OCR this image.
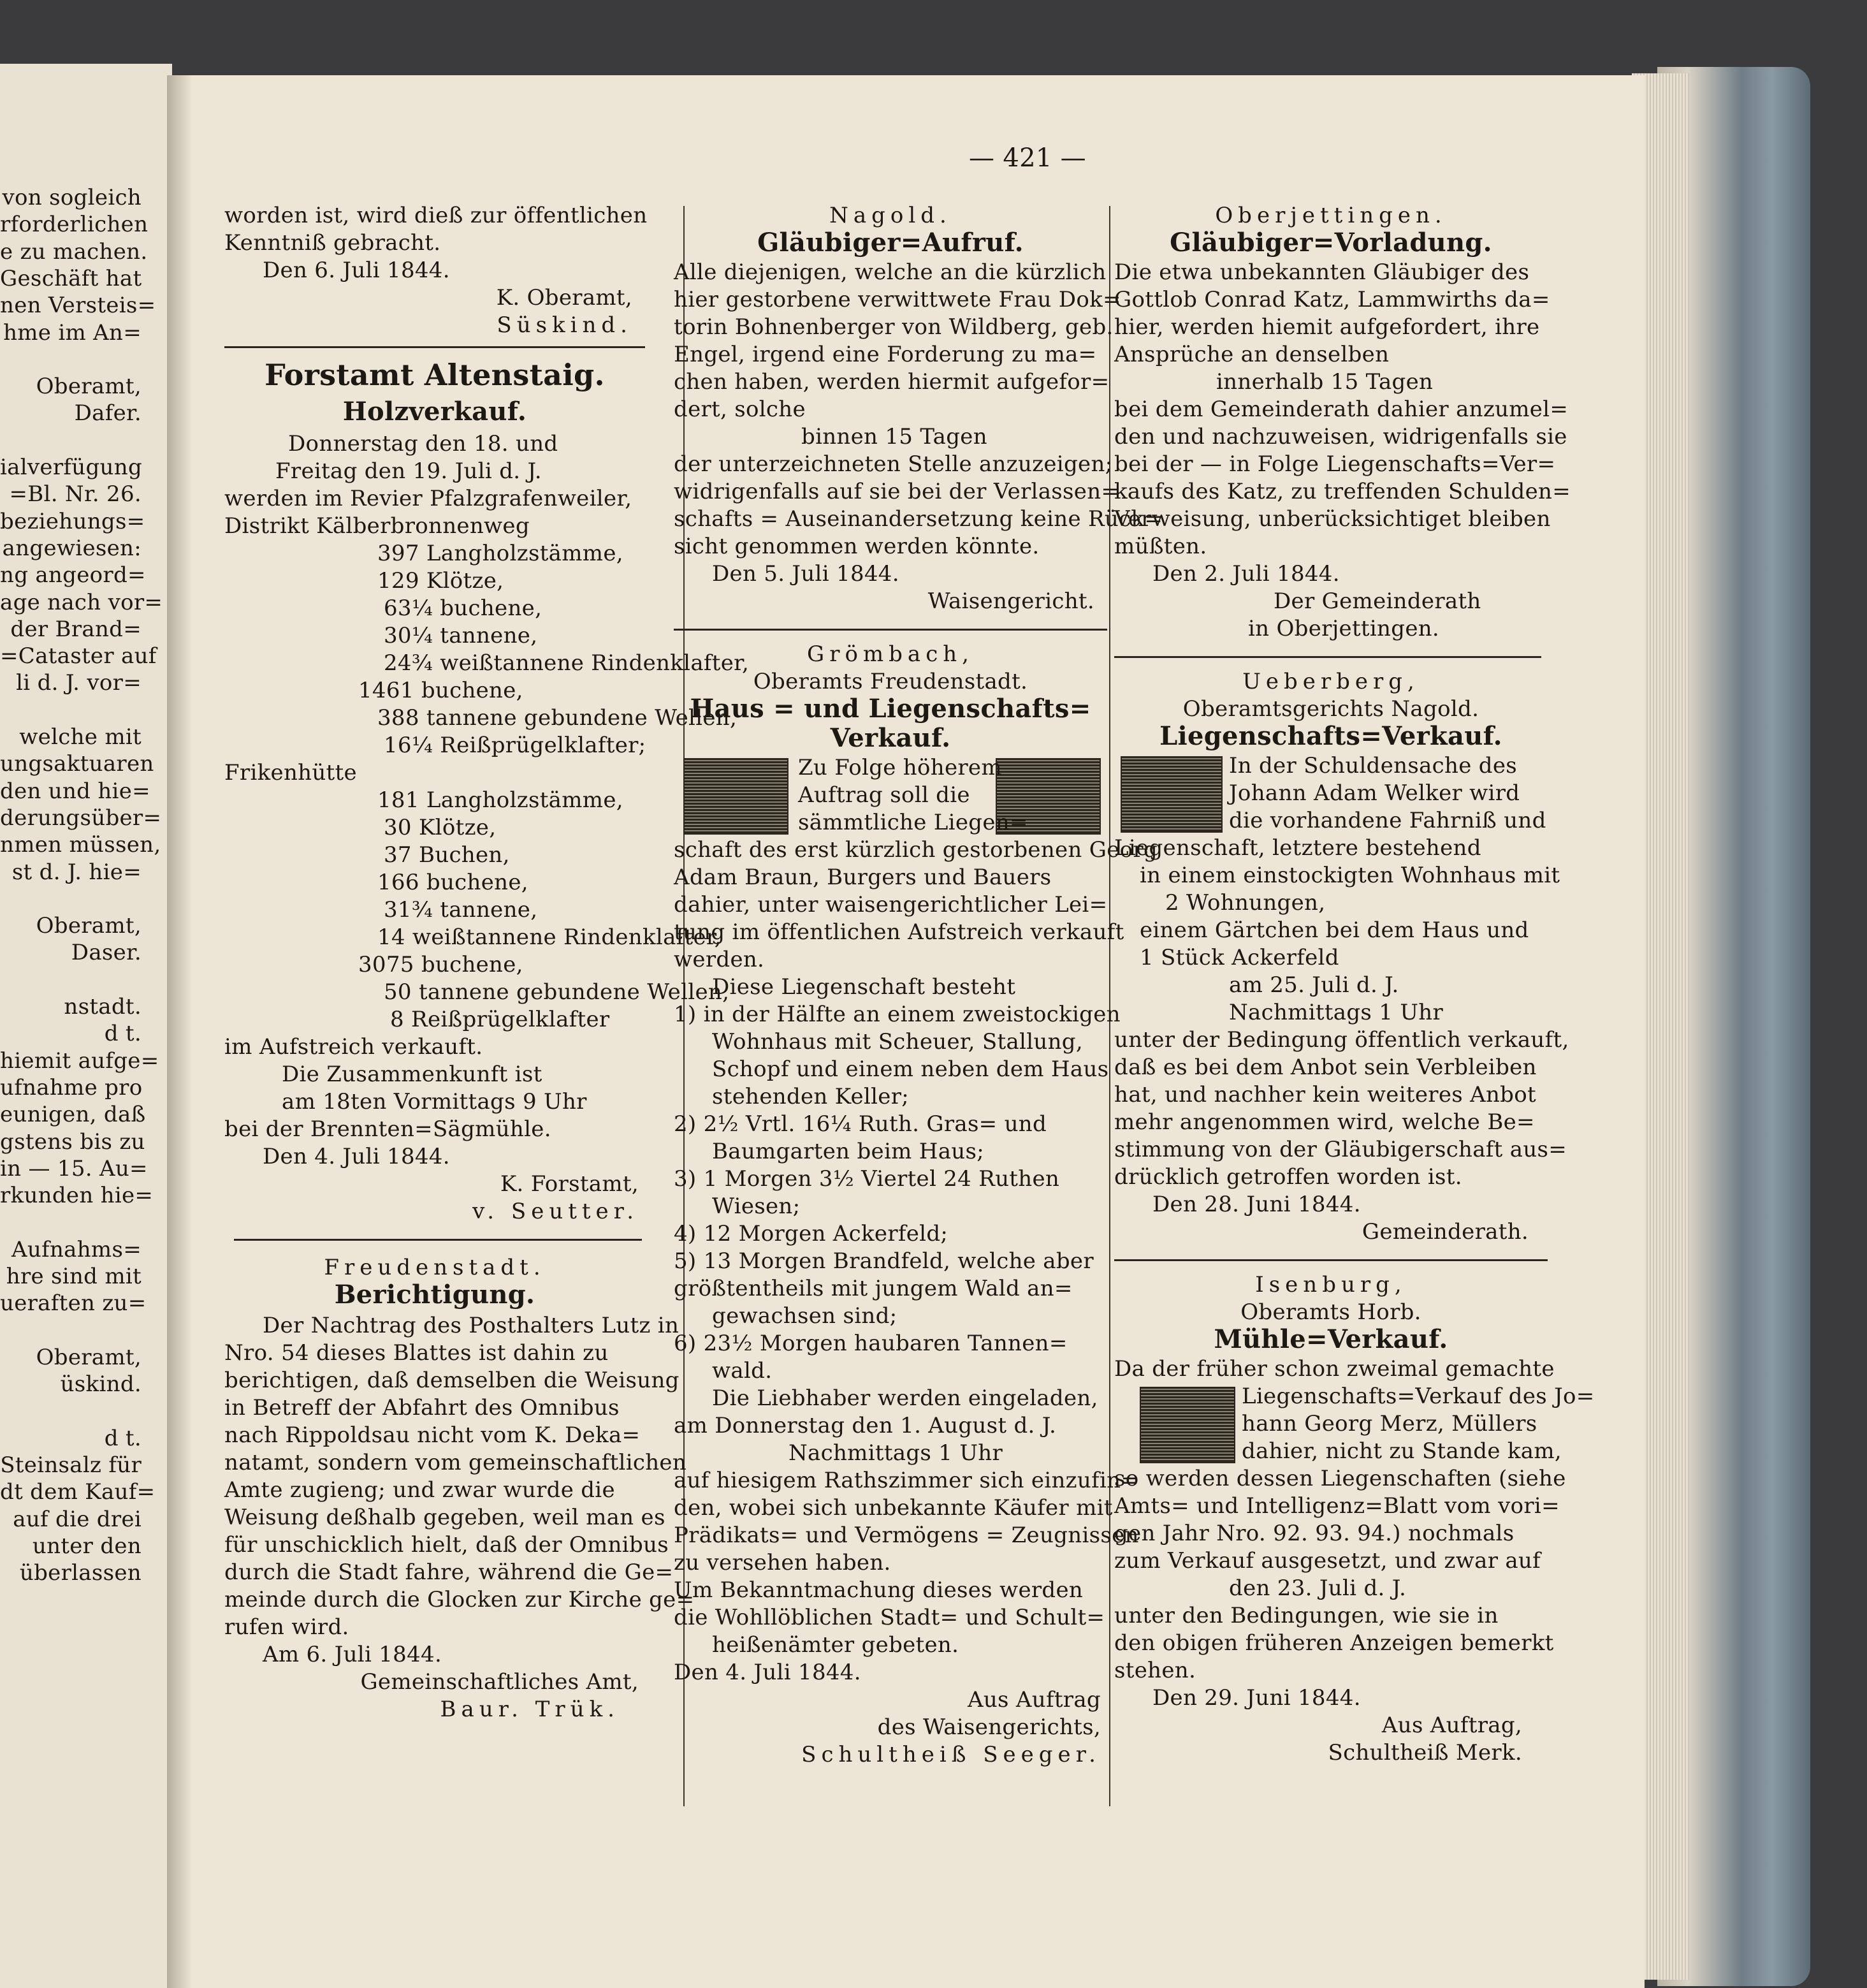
von sogleich
rforderlichen
e zu machen.
Geschäft hat
nen Versteis=
hme im An=
Oberamt,
Dafer.
ialverfügung
=Bl. Nr. 26.
beziehungs=
angewiesen:
ng angeord=
age nach vor=
der Brand=
=Cataster auf
li d. J. vor=
welche mit
ungsaktuaren
den und hie=
derungsüber=
nmen müssen,
st d. J. hie=
Oberamt,
Daser.
nstadt.
d t.
hiemit aufge=
ufnahme pro
eunigen, daß
gstens bis zu
in — 15. Au=
rkunden hie=
Aufnahms=
hre sind mit
ueraften zu=
Oberamt,
üskind.
d t.
Steinsalz für
dt dem Kauf=
auf die drei
unter den
überlassen
— 421 —
worden ist, wird dieß zur öffentlichen
Kenntniß gebracht.
Den 6. Juli 1844.
K. Oberamt,
Süskind.
Forstamt Altenstaig.
Holzverkauf.
Donnerstag den 18. und
Freitag den 19. Juli d. J.
werden im Revier Pfalzgrafenweiler,
Distrikt Kälberbronnenweg
397 Langholzstämme,
129 Klötze,
63¼ buchene,
30¼ tannene,
24¾ weißtannene Rindenklafter,
1461 buchene,
388 tannene gebundene Wellen,
16¼ Reißprügelklafter;
Frikenhütte
181 Langholzstämme,
30 Klötze,
37 Buchen,
166 buchene,
31¾ tannene,
14 weißtannene Rindenklafter,
3075 buchene,
50 tannene gebundene Wellen,
8 Reißprügelklafter
im Aufstreich verkauft.
Die Zusammenkunft ist
am 18ten Vormittags 9 Uhr
bei der Brennten=Sägmühle.
Den 4. Juli 1844.
K. Forstamt,
v. Seutter.
Freudenstadt.
Berichtigung.
Der Nachtrag des Posthalters Lutz in
Nro. 54 dieses Blattes ist dahin zu
berichtigen, daß demselben die Weisung
in Betreff der Abfahrt des Omnibus
nach Rippoldsau nicht vom K. Deka=
natamt, sondern vom gemeinschaftlichen
Amte zugieng; und zwar wurde die
Weisung deßhalb gegeben, weil man es
für unschicklich hielt, daß der Omnibus
durch die Stadt fahre, während die Ge=
meinde durch die Glocken zur Kirche ge=
rufen wird.
Am 6. Juli 1844.
Gemeinschaftliches Amt,
Baur. Trük.
Nagold.
Gläubiger=Aufruf.
Alle diejenigen, welche an die kürzlich
hier gestorbene verwittwete Frau Dok=
torin Bohnenberger von Wildberg, geb.
Engel, irgend eine Forderung zu ma=
chen haben, werden hiermit aufgefor=
dert, solche
binnen 15 Tagen
der unterzeichneten Stelle anzuzeigen;
widrigenfalls auf sie bei der Verlassen=
schafts = Auseinandersetzung keine Rück=
sicht genommen werden könnte.
Den 5. Juli 1844.
Waisengericht.
Grömbach,
Oberamts Freudenstadt.
Haus = und Liegenschafts=
Verkauf.
Zu Folge höherem
Auftrag soll die
sämmtliche Liegen=
schaft des erst kürzlich gestorbenen Georg
Adam Braun, Burgers und Bauers
dahier, unter waisengerichtlicher Lei=
tung im öffentlichen Aufstreich verkauft
werden.
Diese Liegenschaft besteht
1) in der Hälfte an einem zweistockigen
Wohnhaus mit Scheuer, Stallung,
Schopf und einem neben dem Haus
stehenden Keller;
2) 2½ Vrtl. 16¼ Ruth. Gras= und
Baumgarten beim Haus;
3) 1 Morgen 3½ Viertel 24 Ruthen
Wiesen;
4) 12 Morgen Ackerfeld;
5) 13 Morgen Brandfeld, welche aber
größtentheils mit jungem Wald an=
gewachsen sind;
6) 23½ Morgen haubaren Tannen=
wald.
Die Liebhaber werden eingeladen,
am Donnerstag den 1. August d. J.
Nachmittags 1 Uhr
auf hiesigem Rathszimmer sich einzufin=
den, wobei sich unbekannte Käufer mit
Prädikats= und Vermögens = Zeugnissen
zu versehen haben.
Um Bekanntmachung dieses werden
die Wohllöblichen Stadt= und Schult=
heißenämter gebeten.
Den 4. Juli 1844.
Aus Auftrag
des Waisengerichts,
Schultheiß Seeger.
Oberjettingen.
Gläubiger=Vorladung.
Die etwa unbekannten Gläubiger des
Gottlob Conrad Katz, Lammwirths da=
hier, werden hiemit aufgefordert, ihre
Ansprüche an denselben
innerhalb 15 Tagen
bei dem Gemeinderath dahier anzumel=
den und nachzuweisen, widrigenfalls sie
bei der — in Folge Liegenschafts=Ver=
kaufs des Katz, zu treffenden Schulden=
Verweisung, unberücksichtiget bleiben
müßten.
Den 2. Juli 1844.
Der Gemeinderath
in Oberjettingen.
Ueberberg,
Oberamtsgerichts Nagold.
Liegenschafts=Verkauf.
In der Schuldensache des
Johann Adam Welker wird
die vorhandene Fahrniß und
Liegenschaft, letztere bestehend
in einem einstockigten Wohnhaus mit
2 Wohnungen,
einem Gärtchen bei dem Haus und
1 Stück Ackerfeld
am 25. Juli d. J.
Nachmittags 1 Uhr
unter der Bedingung öffentlich verkauft,
daß es bei dem Anbot sein Verbleiben
hat, und nachher kein weiteres Anbot
mehr angenommen wird, welche Be=
stimmung von der Gläubigerschaft aus=
drücklich getroffen worden ist.
Den 28. Juni 1844.
Gemeinderath.
Isenburg,
Oberamts Horb.
Mühle=Verkauf.
Da der früher schon zweimal gemachte
Liegenschafts=Verkauf des Jo=
hann Georg Merz, Müllers
dahier, nicht zu Stande kam,
so werden dessen Liegenschaften (siehe
Amts= und Intelligenz=Blatt vom vori=
gen Jahr Nro. 92. 93. 94.) nochmals
zum Verkauf ausgesetzt, und zwar auf
den 23. Juli d. J.
unter den Bedingungen, wie sie in
den obigen früheren Anzeigen bemerkt
stehen.
Den 29. Juni 1844.
Aus Auftrag,
Schultheiß Merk.
